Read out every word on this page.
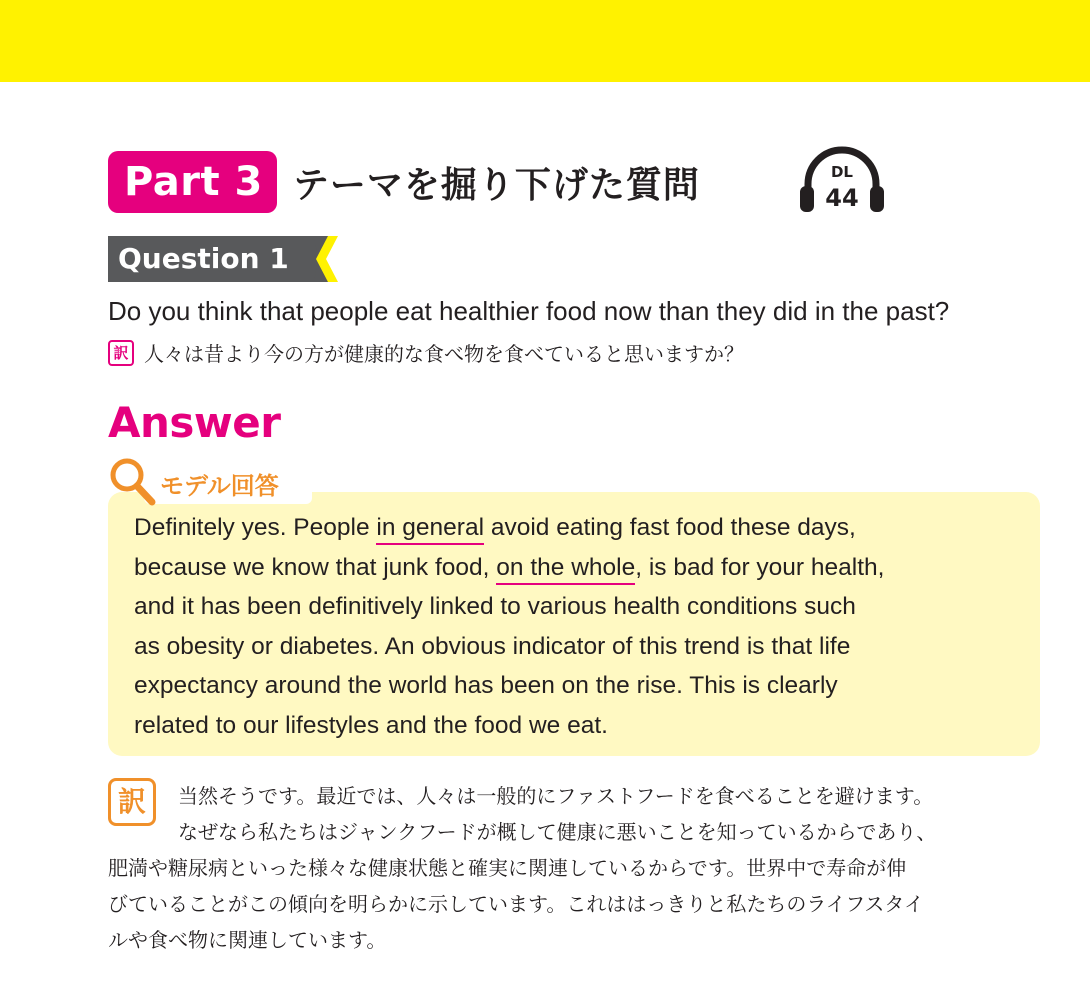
Part 3 テーマを掘り下げた質問	DL
44
Question 1
Do you think that people eat healthier food now than they did in the past?
訳 人々は昔より今の方が健康的な食べ物を食べていると思いますか？
Answer
モデル回答
Definitely yes. People in general avoid eating fast food these days,
because we know that junk food, on the whole, is bad for your health,
and it has been definitively linked to various health conditions such
as obesity or diabetes. An obvious indicator of this trend is that life
expectancy around the world has been on the rise. This is clearly
related to our lifestyles and the food we eat.
訳	当然そうです。最近では、人々は一般的にファストフードを食べることを避けます。
なぜなら私たちはジャンクフードが概して健康に悪いことを知っているからであり、
肥満や糖尿病といった様々な健康状態と確実に関連しているからです。世界中で寿命が伸
びていることがこの傾向を明らかに示しています。これははっきりと私たちのライフスタイ
ルや食べ物に関連しています。
